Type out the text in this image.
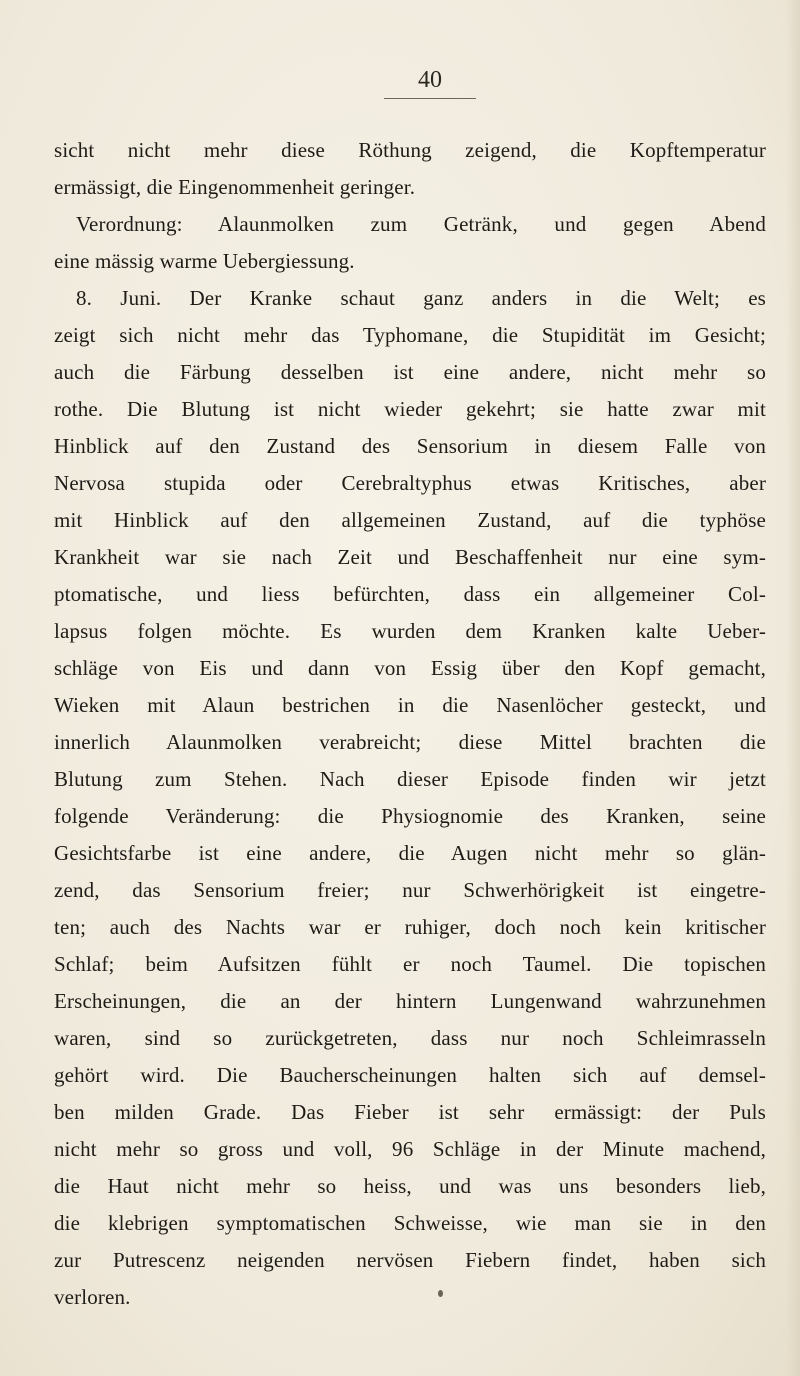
40
sicht nicht mehr diese Röthung zeigend, die Kopftemperatur
ermässigt, die Eingenommenheit geringer.
Verordnung: Alaunmolken zum Getränk, und gegen Abend
eine mässig warme Uebergiessung.
8. Juni. Der Kranke schaut ganz anders in die Welt; es
zeigt sich nicht mehr das Typhomane, die Stupidität im Gesicht;
auch die Färbung desselben ist eine andere, nicht mehr so
rothe. Die Blutung ist nicht wieder gekehrt; sie hatte zwar mit
Hinblick auf den Zustand des Sensorium in diesem Falle von
Nervosa stupida oder Cerebraltyphus etwas Kritisches, aber
mit Hinblick auf den allgemeinen Zustand, auf die typhöse
Krankheit war sie nach Zeit und Beschaffenheit nur eine sym-
ptomatische, und liess befürchten, dass ein allgemeiner Col-
lapsus folgen möchte. Es wurden dem Kranken kalte Ueber-
schläge von Eis und dann von Essig über den Kopf gemacht,
Wieken mit Alaun bestrichen in die Nasenlöcher gesteckt, und
innerlich Alaunmolken verabreicht; diese Mittel brachten die
Blutung zum Stehen. Nach dieser Episode finden wir jetzt
folgende Veränderung: die Physiognomie des Kranken, seine
Gesichtsfarbe ist eine andere, die Augen nicht mehr so glän-
zend, das Sensorium freier; nur Schwerhörigkeit ist eingetre-
ten; auch des Nachts war er ruhiger, doch noch kein kritischer
Schlaf; beim Aufsitzen fühlt er noch Taumel. Die topischen
Erscheinungen, die an der hintern Lungenwand wahrzunehmen
waren, sind so zurückgetreten, dass nur noch Schleimrasseln
gehört wird. Die Baucherscheinungen halten sich auf demsel-
ben milden Grade. Das Fieber ist sehr ermässigt: der Puls
nicht mehr so gross und voll, 96 Schläge in der Minute machend,
die Haut nicht mehr so heiss, und was uns besonders lieb,
die klebrigen symptomatischen Schweisse, wie man sie in den
zur Putrescenz neigenden nervösen Fiebern findet, haben sich
verloren.
